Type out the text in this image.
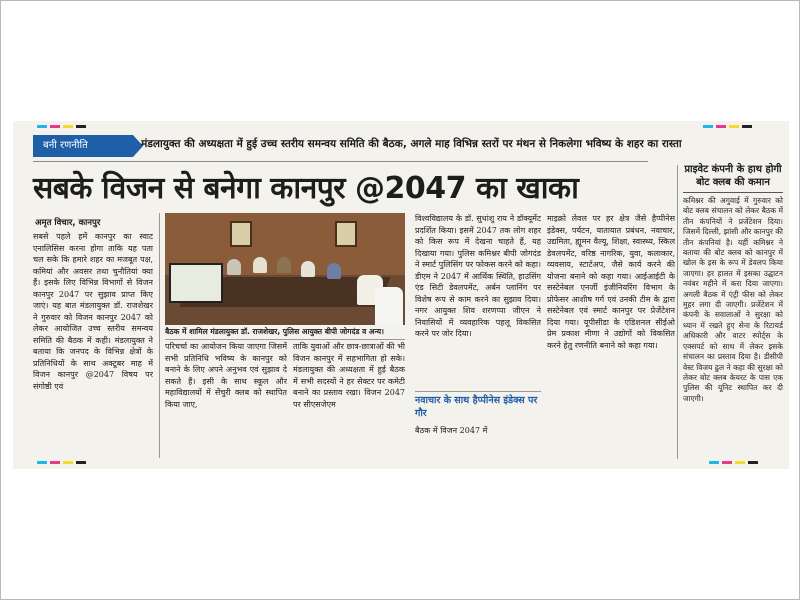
बनी रणनीति	मंडलायुक्त की अध्यक्षता में हुई उच्च स्तरीय समन्वय समिति की बैठक, अगले माह विभिन्न स्तरों पर मंथन से निकलेगा भविष्य के शहर का रास्ता
सबके विजन से बनेगा कानपुर @2047 का खाका
अमृत विचार, कानपुर
सबसे पहले हमें कानपुर का स्वाट एनालिसिस करना होगा ताकि यह पता चल सके कि हमारे शहर का मजबूत पक्ष, कमियां और अवसर तथा चुनौतियां क्या हैं। इसके लिए विभिन्न विभागों से विजन कानपुर 2047 पर सुझाव प्राप्त किए जाएं। यह बात मंडलायुक्त डॉ. राजशेखर ने गुरुवार को विजन कानपुर 2047 को लेकर आयोजित उच्च स्तरीय समन्वय समिति की बैठक में कही। मंडलायुक्त ने बताया कि जनपद के विभिन्न क्षेत्रों के प्रतिनिधियों के साथ अक्टूबर माह में विजन कानपुर @2047 विषय पर संगोष्ठी एवं
बैठक में शामिल मंडलायुक्त डॉ. राजशेखर, पुलिस आयुक्त बीपी जोगदंड व अन्य।
परिचर्चा का आयोजन किया जाएगा जिसमें सभी प्रतिनिधि भविष्य के कानपुर को बनाने के लिए अपने अनुभव एवं सुझाव दे सकते हैं। इसी के साथ स्कूल और महाविद्यालयों में सेंचुरी क्लब को स्थापित किया जाए,
ताकि युवाओं और छात्र-छात्राओं की भी विजन कानपुर में सहभागिता हो सके। मंडलायुक्त की अध्यक्षता में हुई बैठक में सभी सदस्यों ने हर सेक्टर पर कमेटी बनाने का प्रस्ताव रखा। विजन 2047 पर सीएसजेएम
विश्वविद्यालय के डॉ. सुधांशु राय ने डॉक्यूमेंट प्रदर्शित किया। इसमें 2047 तक लोग शहर को किस रूप में देखना चाहते हैं, यह दिखाया गया। पुलिस कमिश्नर बीपी जोगदंड ने स्मार्ट पुलिसिंग पर फोकस करने को कहा। डीएम ने 2047 में आर्थिक स्थिति, हाउसिंग एंड सिटी डेवलपमेंट, अर्बन प्लानिंग पर विशेष रूप से काम करने का सुझाव दिया। नगर आयुक्त शिव शरणप्पा जीएन ने निवासियों में व्यवहारिक पहलू विकसित करने पर जोर दिया।
नवाचार के साथ हैप्पीनेस इंडेक्स पर गौर
बैठक में विजन 2047 में
माइक्रो लेवल पर हर क्षेत्र जैसे हैप्पीनेस इंडेक्स, पर्यटन, यातायात प्रबंधन, नवाचार, उद्यमिता, ह्यूमन वैल्यू, शिक्षा, स्वास्थ्य, स्किल डेवलपमेंट, वरिष्ठ नागरिक, युवा, कलाकार, व्यवसाय, स्टार्टअप, जैसे कार्य करने की योजना बनाने को कहा गया। आईआईटी के सस्टेनेबल एनर्जी इंजीनियरिंग विभाग के प्रोफेसर आशीष गर्ग एवं उनकी टीम के द्वारा सस्टेनेबल एवं स्मार्ट कानपुर पर प्रेजेंटेशन दिया गया। यूपीसीडा के एडिशनल सीईओ प्रेम प्रकाश मीणा ने उद्योगों को विकसित करने हेतु रणनीति बनाने को कहा गया।
प्राइवेट कंपनी के हाथ होगी बोट क्लब की कमान
कमिश्नर की अगुवाई में गुरुवार को बोट क्लब संचालन को लेकर बैठक में तीन कंपनियों ने प्रजेंटेशन दिया। जिसमें दिल्ली, झांसी और कानपुर की तीन कंपनियां है। यहीं कमिश्नर ने बताया की बोट क्लब को कानपुर में खोल के इस के रूप में डेवलप किया जाएगा। हर हालत में इसका उद्घाटन नवंबर महीने में करा दिया जाएगा। अगली बैठक में एंट्री फीस को लेकर मुहर लगा दी जाएगी। प्रजेंटेशन में कंपनी के सवालाओं ने सुरक्षा को ध्यान में रखते हुए सेना के रिटायर्ड अधिकारी और वाटर स्पोर्ट्स के एक्सपर्ट को साथ में लेकर इसके संचालन का प्रस्ताव दिया है। डीसीपी वेस्ट विजय ढुल ने कहा की सुरक्षा को लेकर बोट क्लब केयरट के पास एक पुलिस की यूनिट स्थापित कर दी जाएगी।
